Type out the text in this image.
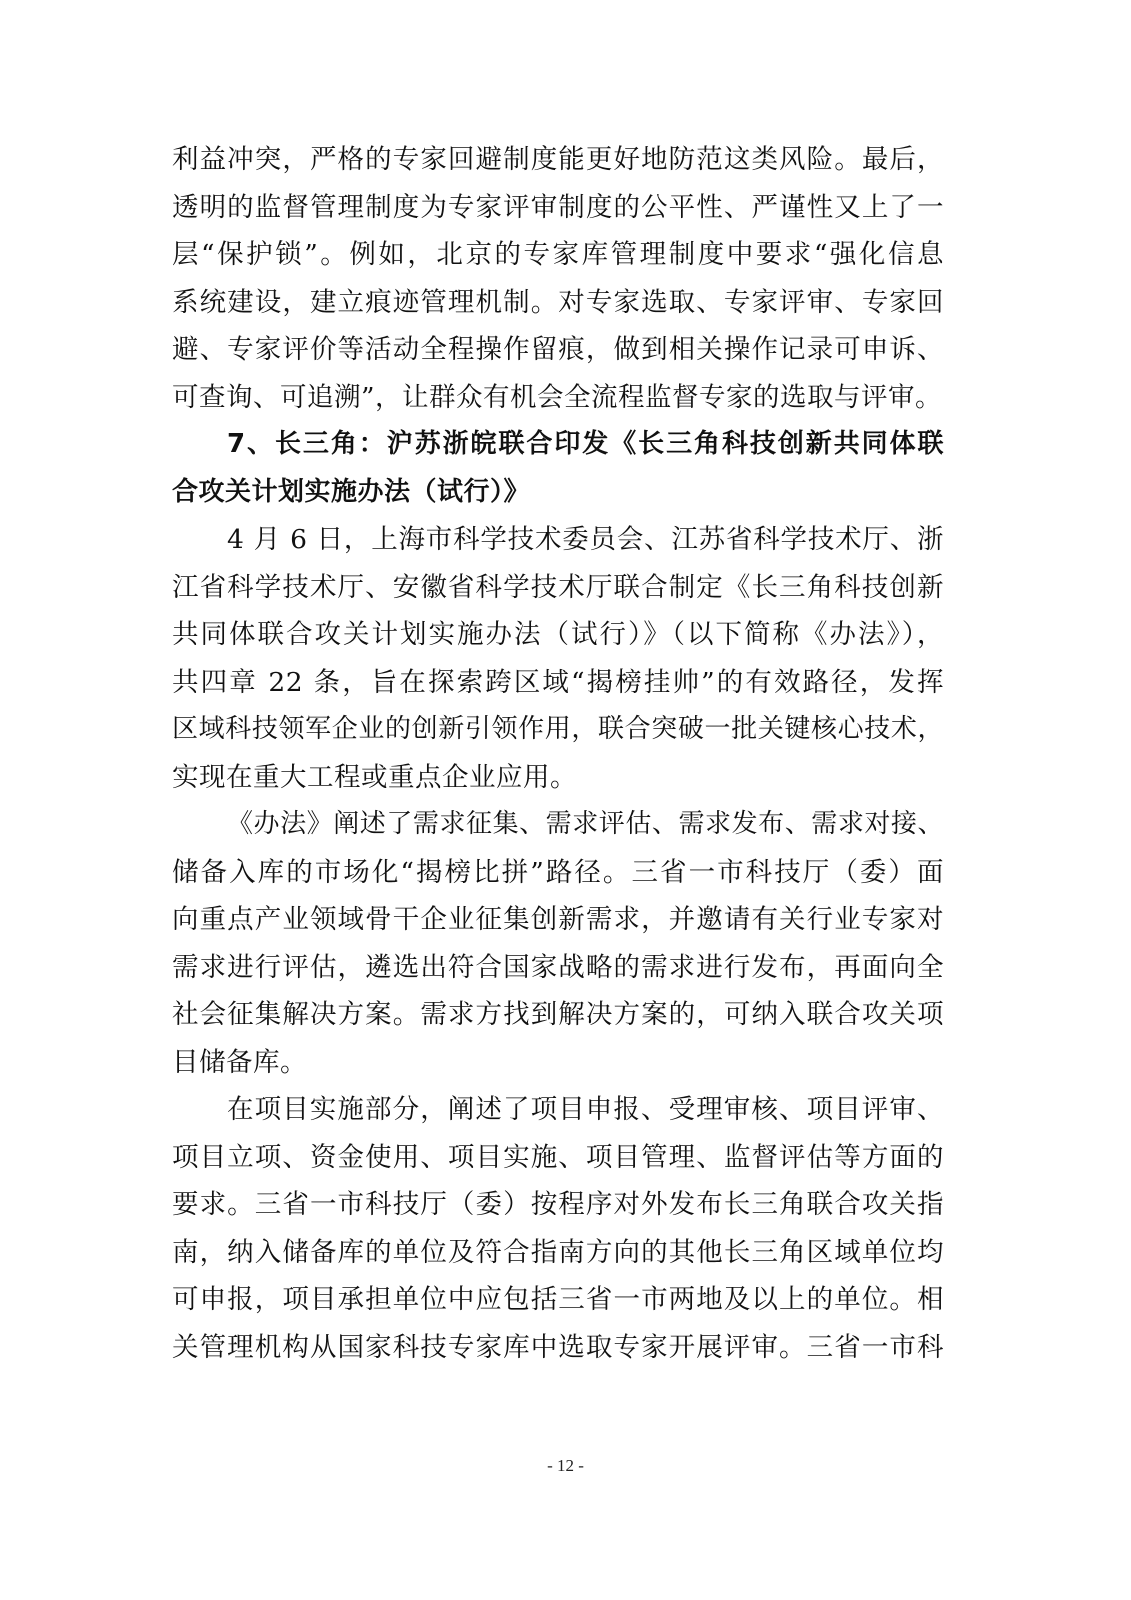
利益冲突，严格的专家回避制度能更好地防范这类风险。最后，
透明的监督管理制度为专家评审制度的公平性、严谨性又上了一
层“保护锁”。例如，北京的专家库管理制度中要求“强化信息
系统建设，建立痕迹管理机制。对专家选取、专家评审、专家回
避、专家评价等活动全程操作留痕，做到相关操作记录可申诉、
可查询、可追溯”，让群众有机会全流程监督专家的选取与评审。
7、长三角：沪苏浙皖联合印发《长三角科技创新共同体联
合攻关计划实施办法（试行）》
4 月 6 日，上海市科学技术委员会、江苏省科学技术厅、浙
江省科学技术厅、安徽省科学技术厅联合制定《长三角科技创新
共同体联合攻关计划实施办法（试行）》（以下简称《办法》），
共四章 22 条，旨在探索跨区域“揭榜挂帅”的有效路径，发挥
区域科技领军企业的创新引领作用，联合突破一批关键核心技术，
实现在重大工程或重点企业应用。
《办法》阐述了需求征集、需求评估、需求发布、需求对接、
储备入库的市场化“揭榜比拼”路径。三省一市科技厅（委）面
向重点产业领域骨干企业征集创新需求，并邀请有关行业专家对
需求进行评估，遴选出符合国家战略的需求进行发布，再面向全
社会征集解决方案。需求方找到解决方案的，可纳入联合攻关项
目储备库。
在项目实施部分，阐述了项目申报、受理审核、项目评审、
项目立项、资金使用、项目实施、项目管理、监督评估等方面的
要求。三省一市科技厅（委）按程序对外发布长三角联合攻关指
南，纳入储备库的单位及符合指南方向的其他长三角区域单位均
可申报，项目承担单位中应包括三省一市两地及以上的单位。相
关管理机构从国家科技专家库中选取专家开展评审。三省一市科
- 12 -
